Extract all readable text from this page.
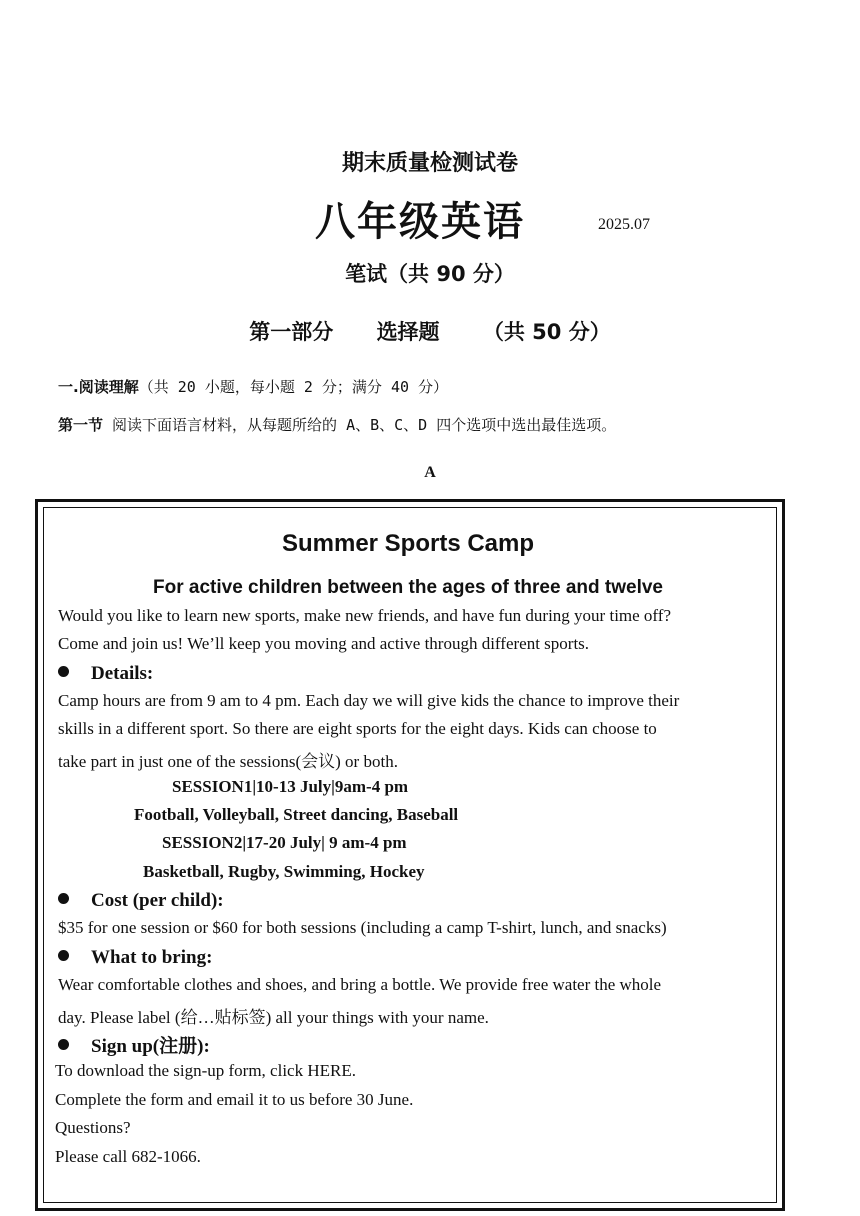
期末质量检测试卷
八年级英语	2025.07
笔试（共 90 分）
第一部分 选择题 （共 50 分）
一.阅读理解（共 20 小题，每小题 2 分；满分 40 分）
第一节 阅读下面语言材料，从每题所给的 A、B、C、D 四个选项中选出最佳选项。
A
Summer Sports Camp
For active children between the ages of three and twelve
Would you like to learn new sports, make new friends, and have fun during your time off?
Come and join us! We’ll keep you moving and active through different sports.
Details:
Camp hours are from 9 am to 4 pm. Each day we will give kids the chance to improve their
skills in a different sport. So there are eight sports for the eight days. Kids can choose to
take part in just one of the sessions(会议) or both.
SESSION1|10-13 July|9am-4 pm
Football, Volleyball, Street dancing, Baseball
SESSION2|17-20 July| 9 am-4 pm
Basketball, Rugby, Swimming, Hockey
Cost (per child):
$35 for one session or $60 for both sessions (including a camp T-shirt, lunch, and snacks)
What to bring:
Wear comfortable clothes and shoes, and bring a bottle. We provide free water the whole
day. Please label (给…贴标签) all your things with your name.
Sign up(注册):
To download the sign-up form, click HERE.
Complete the form and email it to us before 30 June.
Questions?
Please call 682-1066.
